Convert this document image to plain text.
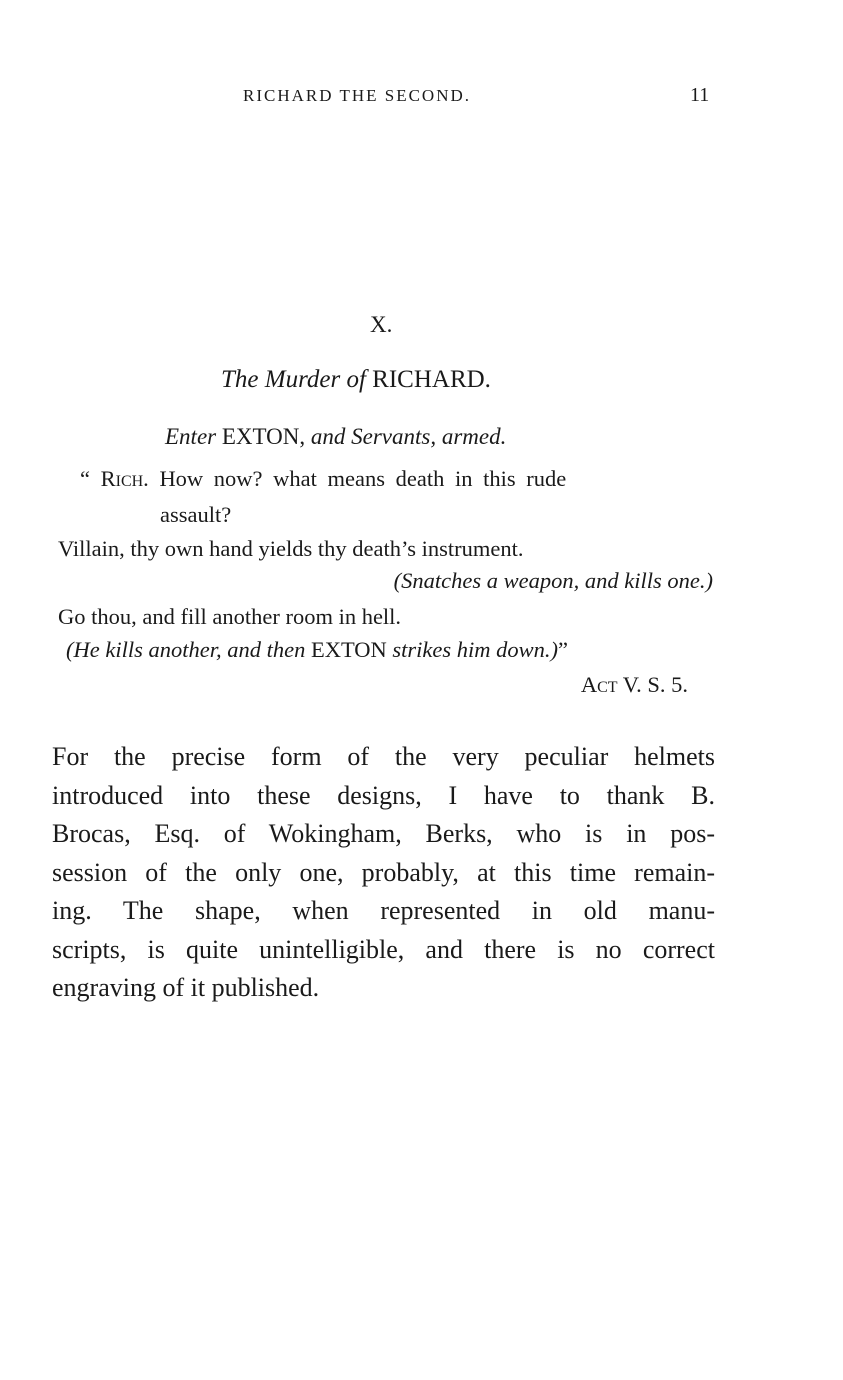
RICHARD THE SECOND.	11
X.
The Murder of RICHARD.
Enter EXTON, and Servants, armed.
“ Rich. How now? what means death in this rude
assault?
Villain, thy own hand yields thy death’s instrument.
(Snatches a weapon, and kills one.)
Go thou, and fill another room in hell.
(He kills another, and then EXTON strikes him down.)”
Act V. S. 5.
For the precise form of the very peculiar helmets
introduced into these designs, I have to thank B.
Brocas, Esq. of Wokingham, Berks, who is in pos-
session of the only one, probably, at this time remain-
ing. The shape, when represented in old manu-
scripts, is quite unintelligible, and there is no correct
engraving of it published.
